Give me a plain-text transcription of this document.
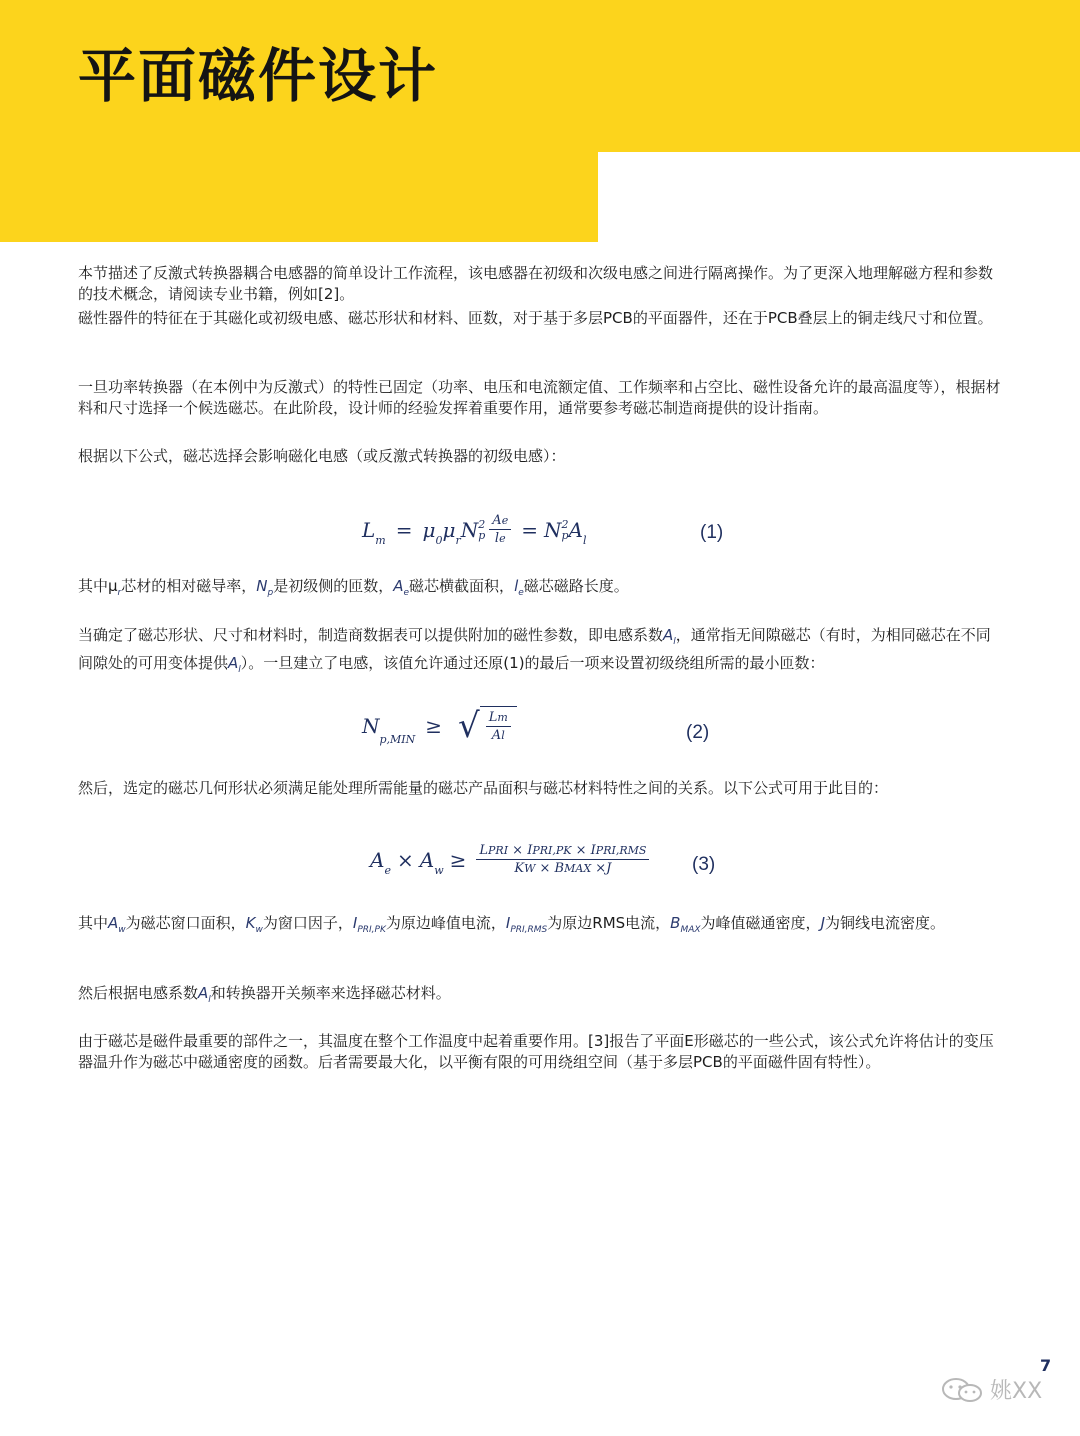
平面磁件设计

本节描述了反激式转换器耦合电感器的简单设计工作流程，该电感器在初级和次级电感之间进行隔离操作。为了更深入地理解磁方程和参数的技术概念，请阅读专业书籍，例如[2]。

磁性器件的特征在于其磁化或初级电感、磁芯形状和材料、匝数，对于基于多层PCB的平面器件，还在于PCB叠层上的铜走线尺寸和位置。

一旦功率转换器（在本例中为反激式）的特性已固定（功率、电压和电流额定值、工作频率和占空比、磁性设备允许的最高温度等），根据材料和尺寸选择一个候选磁芯。在此阶段，设计师的经验发挥着重要作用，通常要参考磁芯制造商提供的设计指南。

根据以下公式，磁芯选择会影响磁化电感（或反激式转换器的初级电感）：

L m = μ 0 μ r N 2
p $\frac{Ae}{le} = N$ 2
p A l	(1)

其中$\mu_r$芯材的相对磁导率，$N_p$是初级侧的匝数，$A_e$磁芯横截面积，$l_e$磁芯磁路长度。

当确定了磁芯形状、尺寸和材料时，制造商数据表可以提供附加的磁性参数，即电感系数$A_l$，通常指无间隙磁芯（有时，为相同磁芯在不同间隙处的可用变体提供$A_l$）。一旦建立了电感，该值允许通过还原(1)的最后一项来设置初级绕组所需的最小匝数：

N
p,MIN
≥ √ $\frac{Lm}{Al}$	(2)

然后，选定的磁芯几何形状必须满足能处理所需能量的磁芯产品面积与磁芯材料特性之间的关系。以下公式可用于此目的：

A e × A $w \ge \frac{\text{LPRI × IPRI,PK × IPRI,RMS}}{\text{KW × BMAX ×J}} (3)$

其中$A_w$为磁芯窗口面积，$K_w$为窗口因子，$I_{PRI,PK}$为原边峰值电流，$I_{PRI,RMS}$为原边RMS电流，$B_{MAX}$为峰值磁通密度，J为铜线电流密度。

然后根据电感系数$A_l$和转换器开关频率来选择磁芯材料。

由于磁芯是磁件最重要的部件之一，其温度在整个工作温度中起着重要作用。[3]报告了平面E形磁芯的一些公式，该公式允许将估计的变压器温升作为磁芯中磁通密度的函数。后者需要最大化，以平衡有限的可用绕组空间（基于多层PCB的平面磁件固有特性）。

7
姚XX
